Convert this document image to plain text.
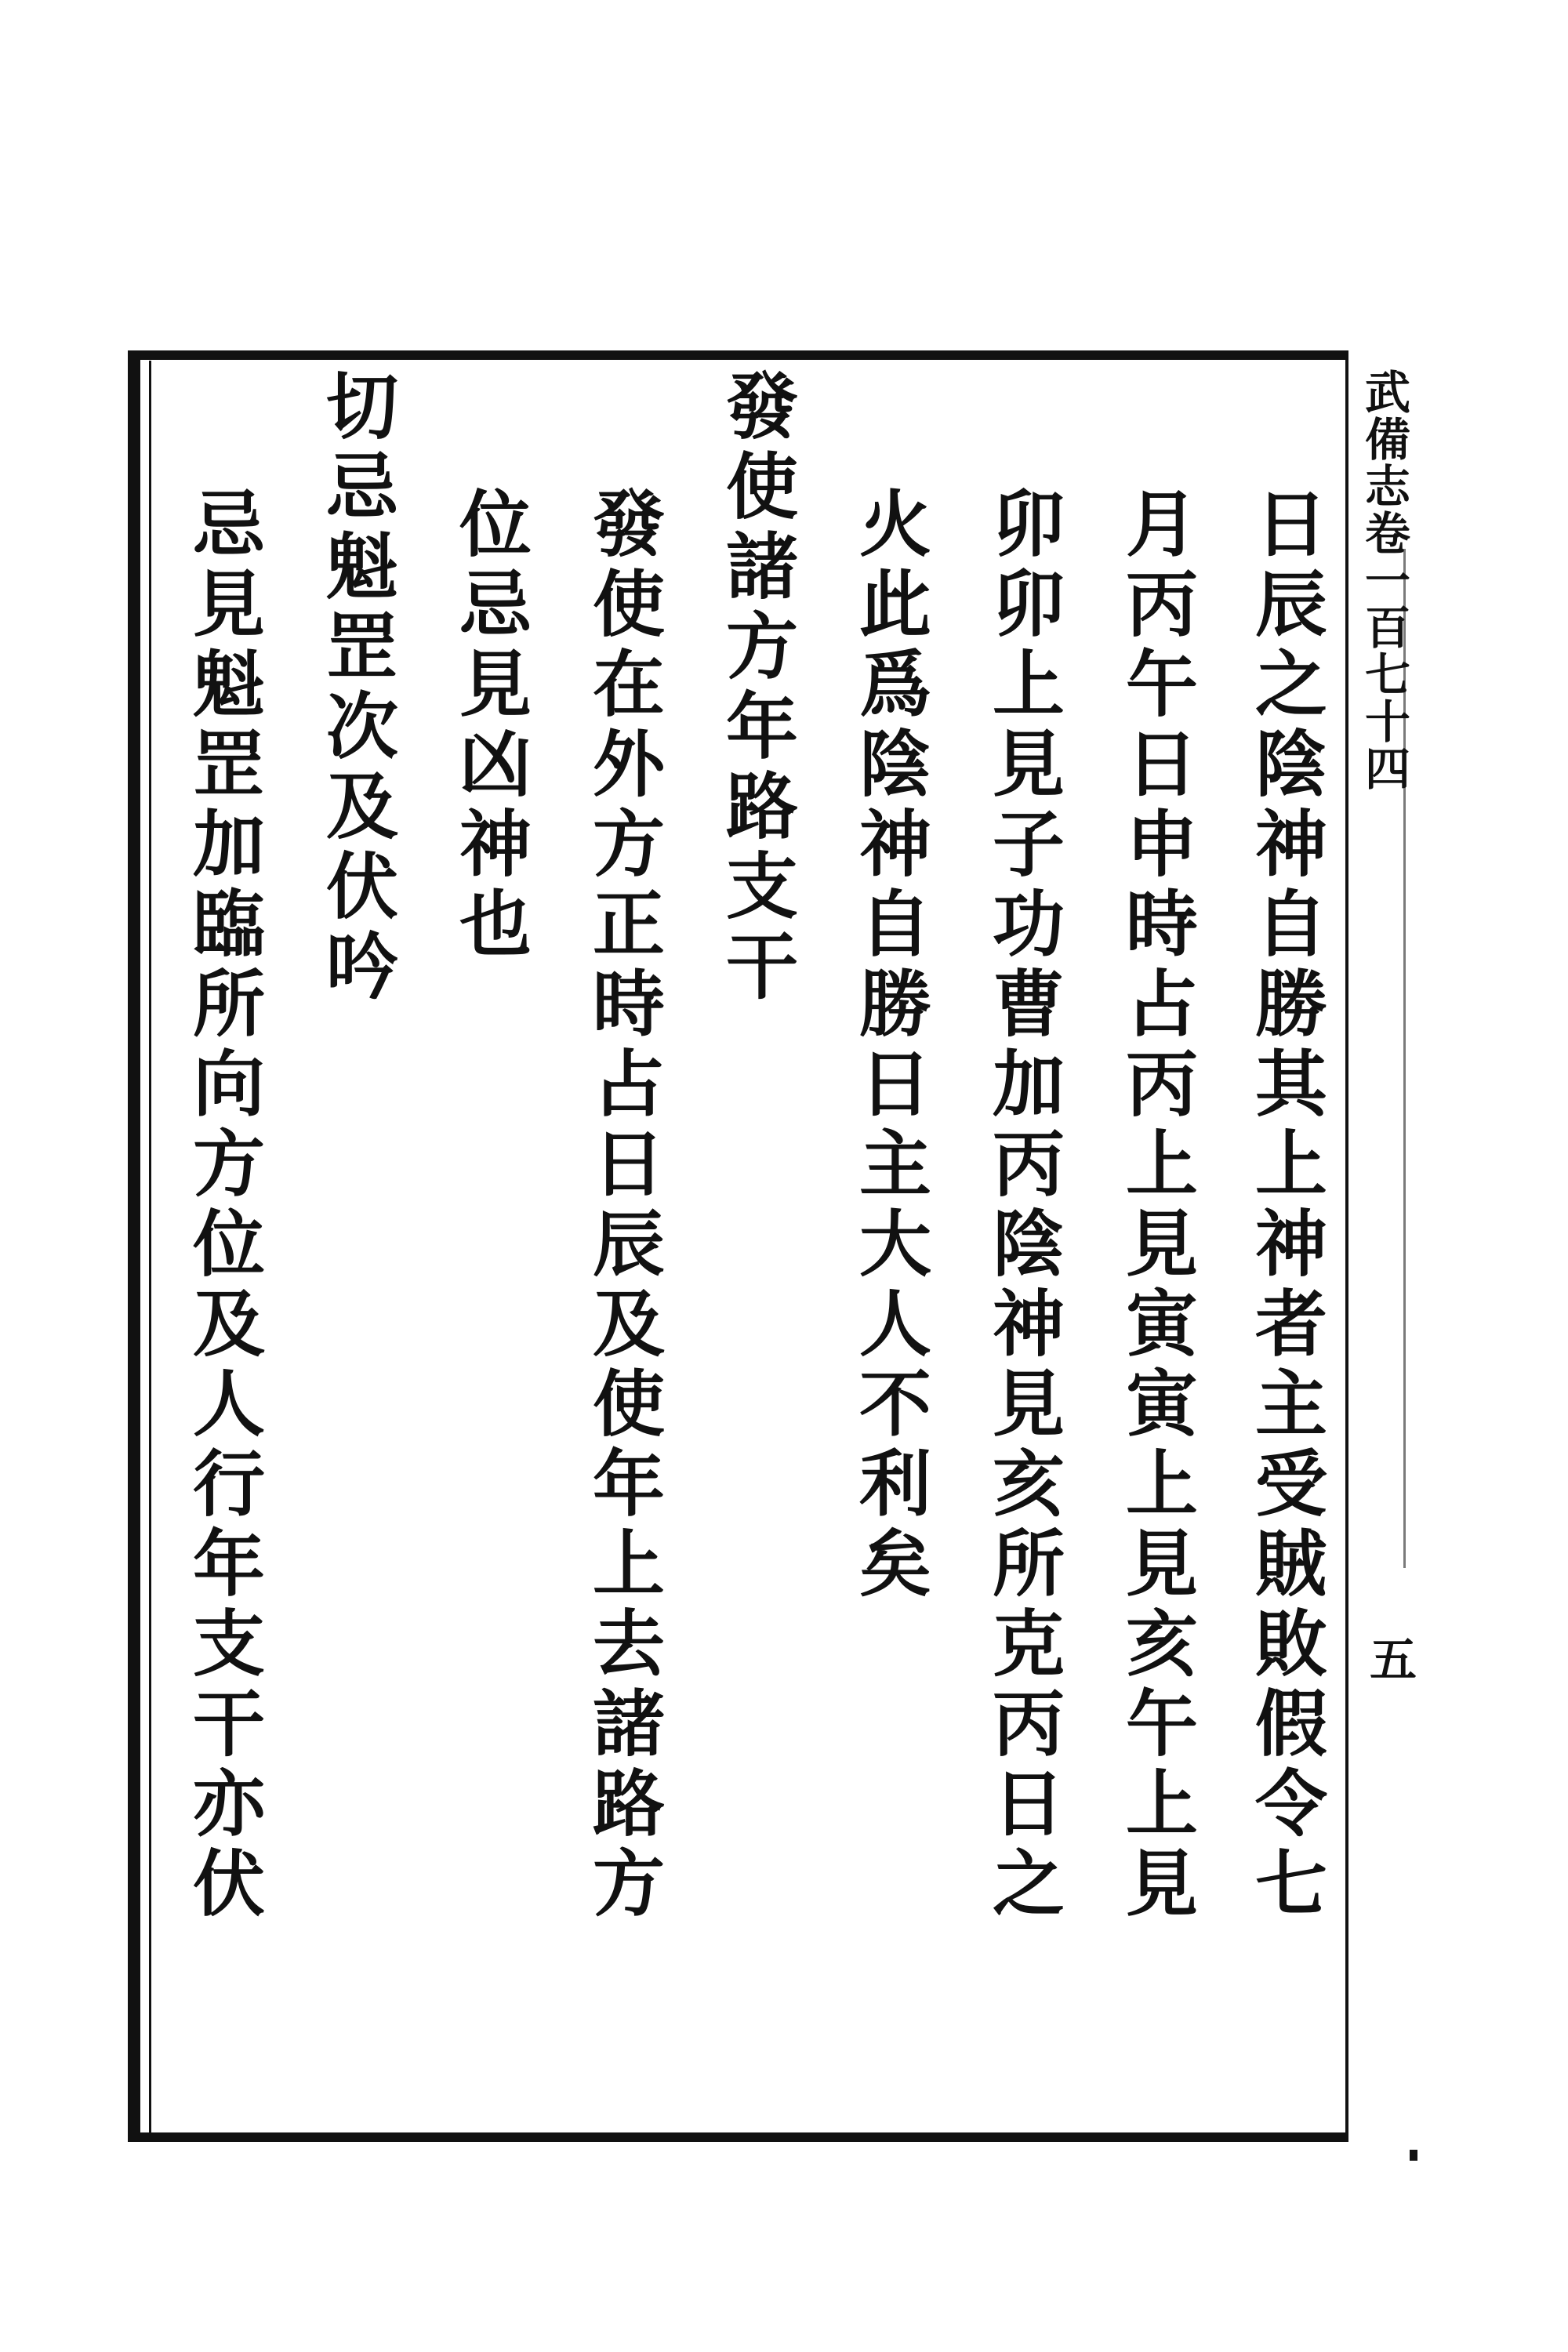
武備志卷一百七十四
五
日辰之陰神自勝其上神者主受賊敗假令七
月丙午日申時占丙上見寅寅上見亥午上見
卯卯上見子功曹加丙陰神見亥所克丙日之
火此爲陰神自勝日主大人不利矣
發使諸方年路支干
發使在外方正時占日辰及使年上去諸路方
位忌見凶神也
切忌魁罡次及伏吟
忌見魁罡加臨所向方位及人行年支干亦伏
